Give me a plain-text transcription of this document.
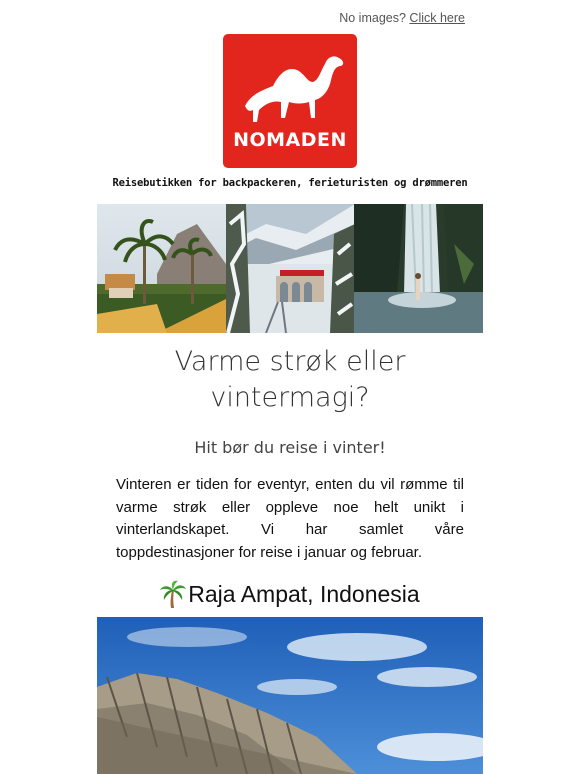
No images? Click here
NOMADEN
Reisebutikken for backpackeren, ferieturisten og drømmeren
Varme strøk eller
vintermagi?
Hit bør du reise i vinter!
Vinteren er tiden for eventyr, enten du vil rømme til varme strøk eller oppleve noe helt unikt i vinterlandskapet. Vi har samlet våre toppdestinasjoner for reise i januar og februar.
Raja Ampat, Indonesia
